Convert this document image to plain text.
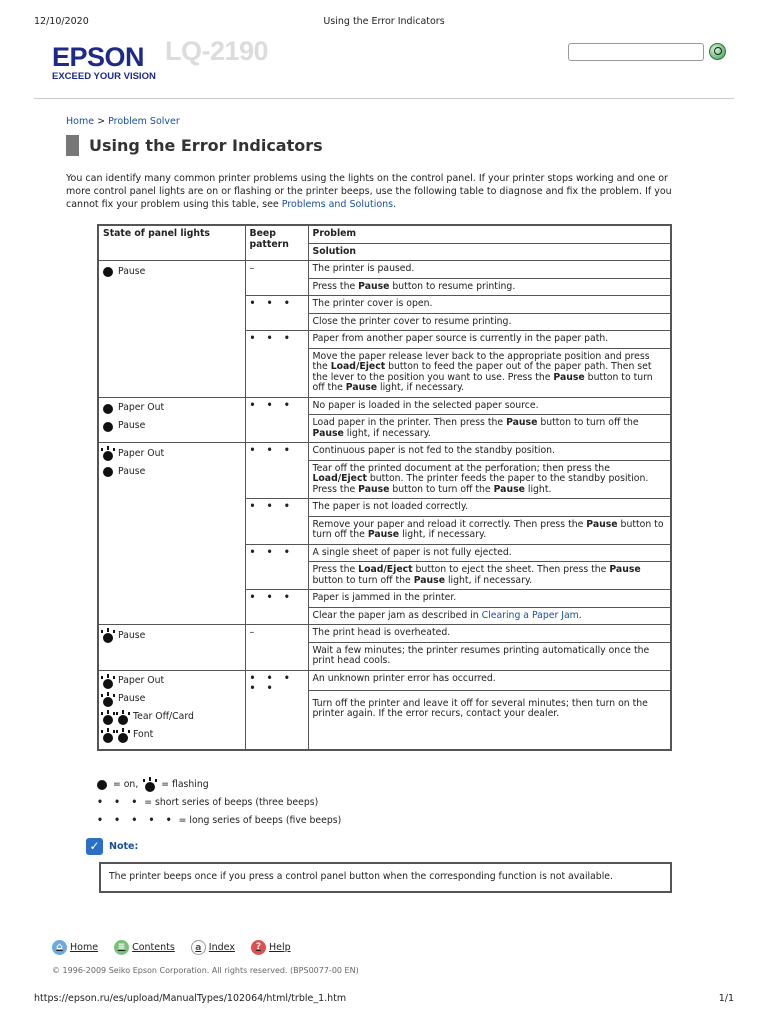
12/10/2020	Using the Error Indicators
EPSON
EXCEED YOUR VISION
LQ-2190
Home > Problem Solver
Using the Error Indicators

You can identify many common printer problems using the lights on the control panel. If your printer stops working and one or more control panel lights are on or flashing or the printer beeps, use the following table to diagnose and fix the problem. If you cannot fix your problem using this table, see Problems and Solutions.

State of panel lights	Beep pattern	Problem
		Solution

Pause	–	The printer is paused.
		Press the Pause button to resume printing.
	• • •	The printer cover is open.
		Close the printer cover to resume printing.
	• • •	Paper from another paper source is currently in the paper path.
		Move the paper release lever back to the appropriate position and press the Load/Eject button to feed the paper out of the paper path. Then set the lever to the position you want to use. Press the Pause button to turn off the Pause light, if necessary.

Paper Out
Pause	• • •	No paper is loaded in the selected paper source.
		Load paper in the printer. Then press the Pause button to turn off the Pause light, if necessary.

Paper Out
Pause	• • •	Continuous paper is not fed to the standby position.
		Tear off the printed document at the perforation; then press the Load/Eject button. The printer feeds the paper to the standby position. Press the Pause button to turn off the Pause light.
	• • •	The paper is not loaded correctly.
		Remove your paper and reload it correctly. Then press the Pause button to turn off the Pause light, if necessary.
	• • •	A single sheet of paper is not fully ejected.
		Press the Load/Eject button to eject the sheet. Then press the Pause button to turn off the Pause light, if necessary.
	• • •	Paper is jammed in the printer.
		Clear the paper jam as described in Clearing a Paper Jam.

Pause	–	The print head is overheated.
		Wait a few minutes; the printer resumes printing automatically once the print head cools.

Paper Out
Pause
Tear Off/Card
Font	• • • • •	An unknown printer error has occurred.
		Turn off the printer and leave it off for several minutes; then turn on the printer again. If the error recurs, contact your dealer.
= on,
= flashing
• • •
= short series of beeps (three beeps)
• • • • •
= long series of beeps (five beeps)
✓ Note:
The printer beeps once if you press a control panel button when the corresponding function is not available.
⌂ Home	≡ Contents	a Index	? Help
© 1996-2009 Seiko Epson Corporation. All rights reserved. (BPS0077-00 EN)
https://epson.ru/es/upload/ManualTypes/102064/html/trble_1.htm	1/1
